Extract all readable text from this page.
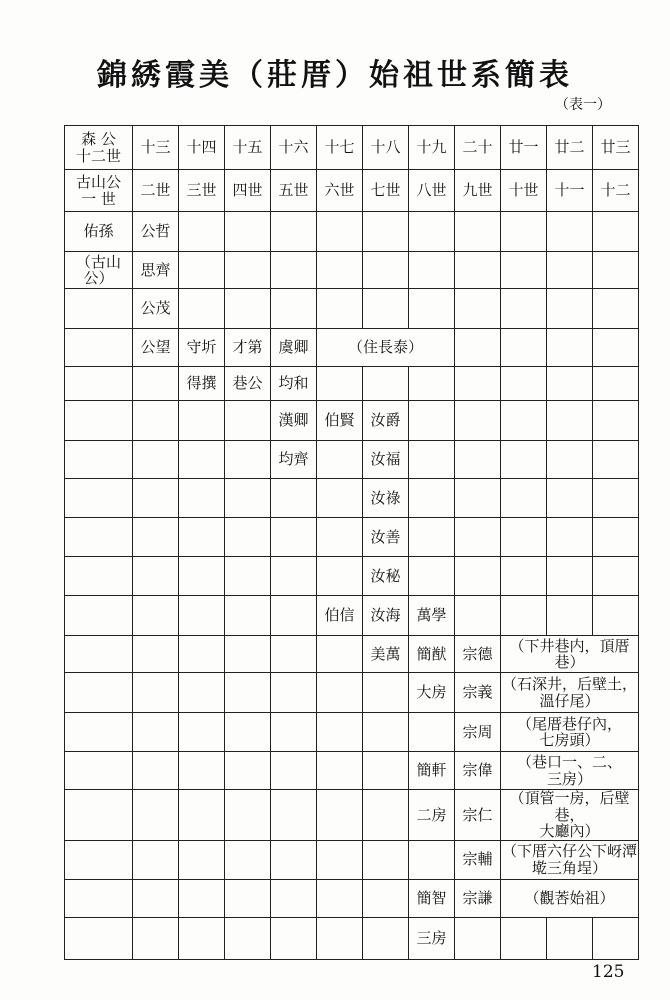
錦綉霞美（莊厝）始祖世系簡表
（表一）
森 公
十二世	十三	十四	十五	十六	十七	十八	十九	二十	廿一	廿二	廿三
古山公
一 世	二世	三世	四世	五世	六世	七世	八世	九世	十世	十一	十二
佑孫	公哲										
（古山公）	思齊										
	公茂										
	公望	守圻	才第	虞卿	（住長泰）						
		得撰	巷公	均和							
				漢卿	伯賢	汝爵					
				均齊		汝福					
						汝祿					
						汝善					
						汝秘					
					伯信	汝海	萬學				
						美萬	簡猷	宗德	（下井巷内，頂厝巷）		
							大房	宗義	（石深井，后壁土，
溫仔尾）		
								宗周	（尾厝巷仔內，
七房頭）		
							簡軒	宗偉	（巷口一、二、
三房）		
							二房	宗仁	（頂管一房，后壁巷，
大廳內）		
								宗輔	（下厝六仔公下岈潭
墘三角埕）		
							簡智	宗謙	（觀莕始祖）		
							三房				
125
